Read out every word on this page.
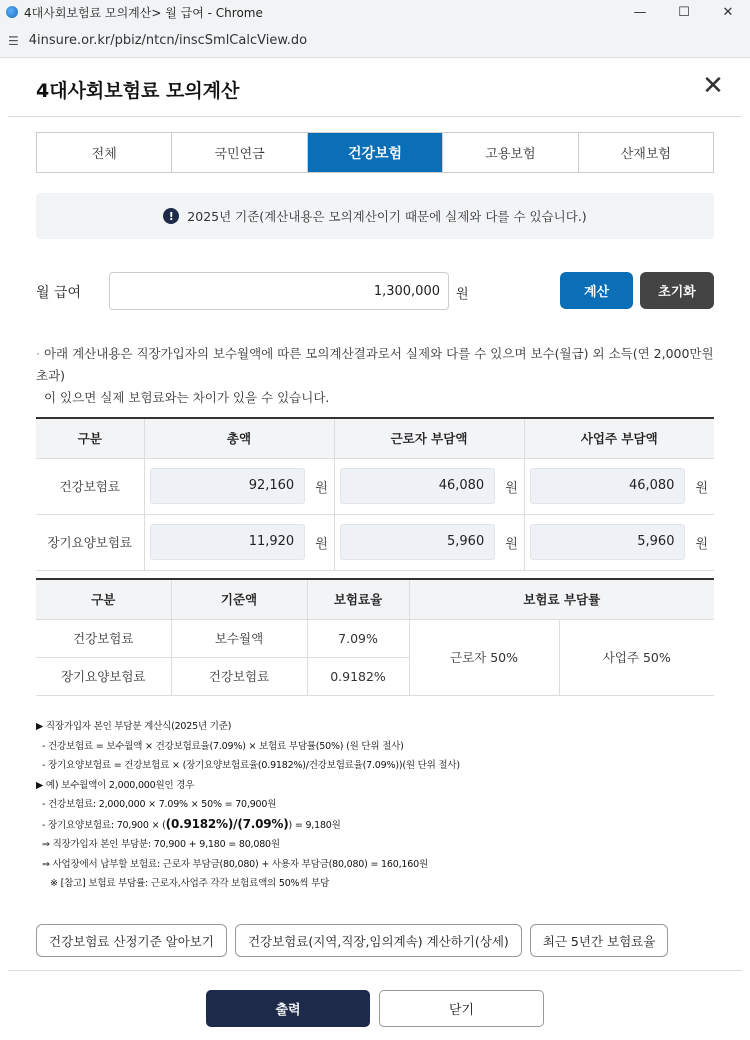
4대사회보험료 모의계산> 월 급여 - Chrome	—	☐	✕
☰ 4insure.or.kr/pbiz/ntcn/inscSmlCalcView.do
4대사회보험료 모의계산	✕
전체	국민연금	건강보험	고용보험	산재보험
!	2025년 기준(계산내용은 모의계산이기 때문에 실제와 다를 수 있습니다.)
월 급여
1,300,000	원	계산	초기화
· 아래 계산내용은 직장가입자의 보수월액에 따른 모의계산결과로서 실제와 다를 수 있으며 보수(월급) 외 소득(연 2,000만원 초과)
이 있으면 실제 보험료와는 차이가 있을 수 있습니다.
구분	총액	근로자 부담액	사업주 부담액
건강보험료	92,160 원	46,080 원	46,080 원

장기요양보험료	11,920 원	5,960 원	5,960 원
구분	기준액	보험료율	보험료 부담률	
건강보험료	보수월액	7.09%	근로자 50%	사업주 50%
장기요양보험료	건강보험료	0.9182%		
▶ 직장가입자 본인 부담분 계산식(2025년 기준)
- 건강보험료 = 보수월액 × 건강보험료율(7.09%) × 보험료 부담률(50%) (원 단위 절사)
- 장기요양보험료 = 건강보험료 × (장기요양보험료율(0.9182%)/건강보험료율(7.09%))(원 단위 절사)
▶ 예) 보수월액이 2,000,000원인 경우
- 건강보험료: 2,000,000 × 7.09% × 50% = 70,900원
- 장기요양보험료: 70,900 × ((0.9182%)/(7.09%)) = 9,180원
⇒ 직장가입자 본인 부담분: 70,900 + 9,180 = 80,080원
⇒ 사업장에서 납부할 보험료: 근로자 부담금(80,080) + 사용자 부담금(80,080) = 160,160원
※ [참고] 보험료 부담률: 근로자,사업주 각각 보험료액의 50%씩 부담
건강보험료 산정기준 알아보기	건강보험료(지역,직장,임의계속) 계산하기(상세)	최근 5년간 보험료율
출력	닫기
